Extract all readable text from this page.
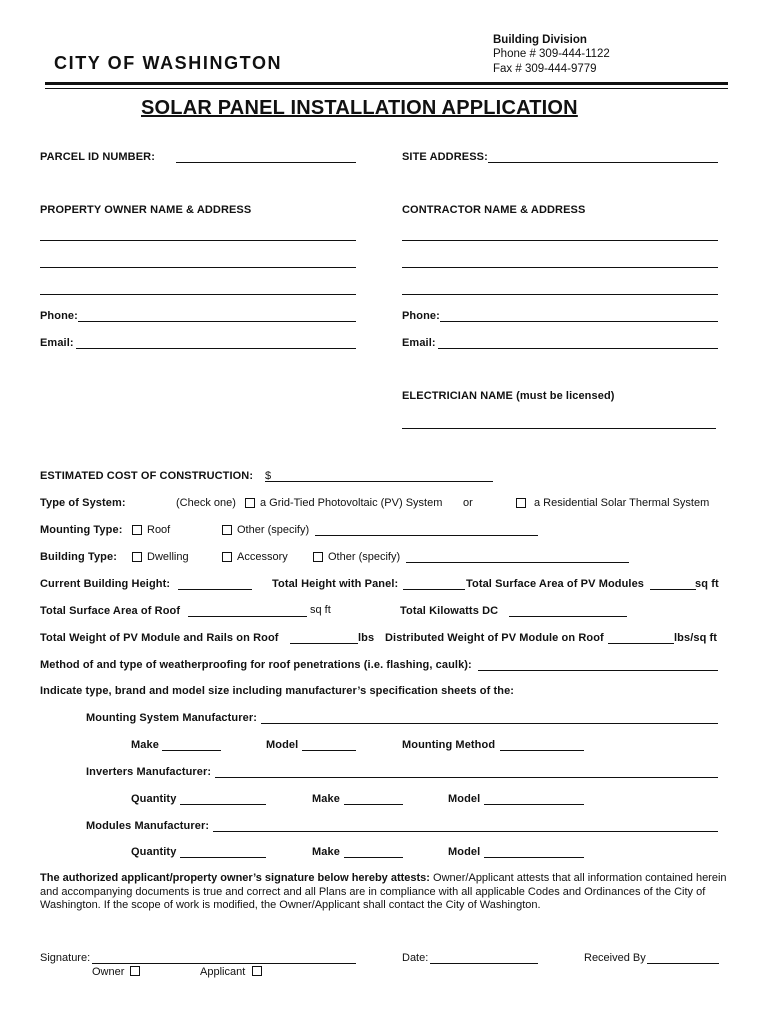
CITY OF WASHINGTON
Building Division
Phone # 309-444-1122
Fax # 309-444-9779
SOLAR PANEL INSTALLATION APPLICATION
PARCEL ID NUMBER:	SITE ADDRESS:
PROPERTY OWNER NAME & ADDRESS	CONTRACTOR NAME & ADDRESS
Phone:	Phone:
Email:	Email:
ELECTRICIAN NAME (must be licensed)
ESTIMATED COST OF CONSTRUCTION: $
Type of System:	(Check one) a Grid-Tied Photovoltaic (PV) System or	a Residential Solar Thermal System
Mounting Type: Roof	Other (specify)
Building Type:	Dwelling	Accessory	Other (specify)
Current Building Height:	Total Height with Panel:	Total Surface Area of PV Modules	sq ft
Total Surface Area of Roof	sq ft	Total Kilowatts DC
Total Weight of PV Module and Rails on Roof	lbs Distributed Weight of PV Module on Roof	lbs/sq ft
Method of and type of weatherproofing for roof penetrations (i.e. flashing, caulk):
Indicate type, brand and model size including manufacturer’s specification sheets of the:
Mounting System Manufacturer:
Make	Model	Mounting Method
Inverters Manufacturer:
Quantity	Make	Model
Modules Manufacturer:
Quantity	Make	Model
The authorized applicant/property owner’s signature below hereby attests: Owner/Applicant attests that all information contained herein
and accompanying documents is true and correct and all Plans are in compliance with all applicable Codes and Ordinances of the City of
Washington. If the scope of work is modified, the Owner/Applicant shall contact the City of Washington.
Signature:
Owner	Applicant
Date:	Received By
